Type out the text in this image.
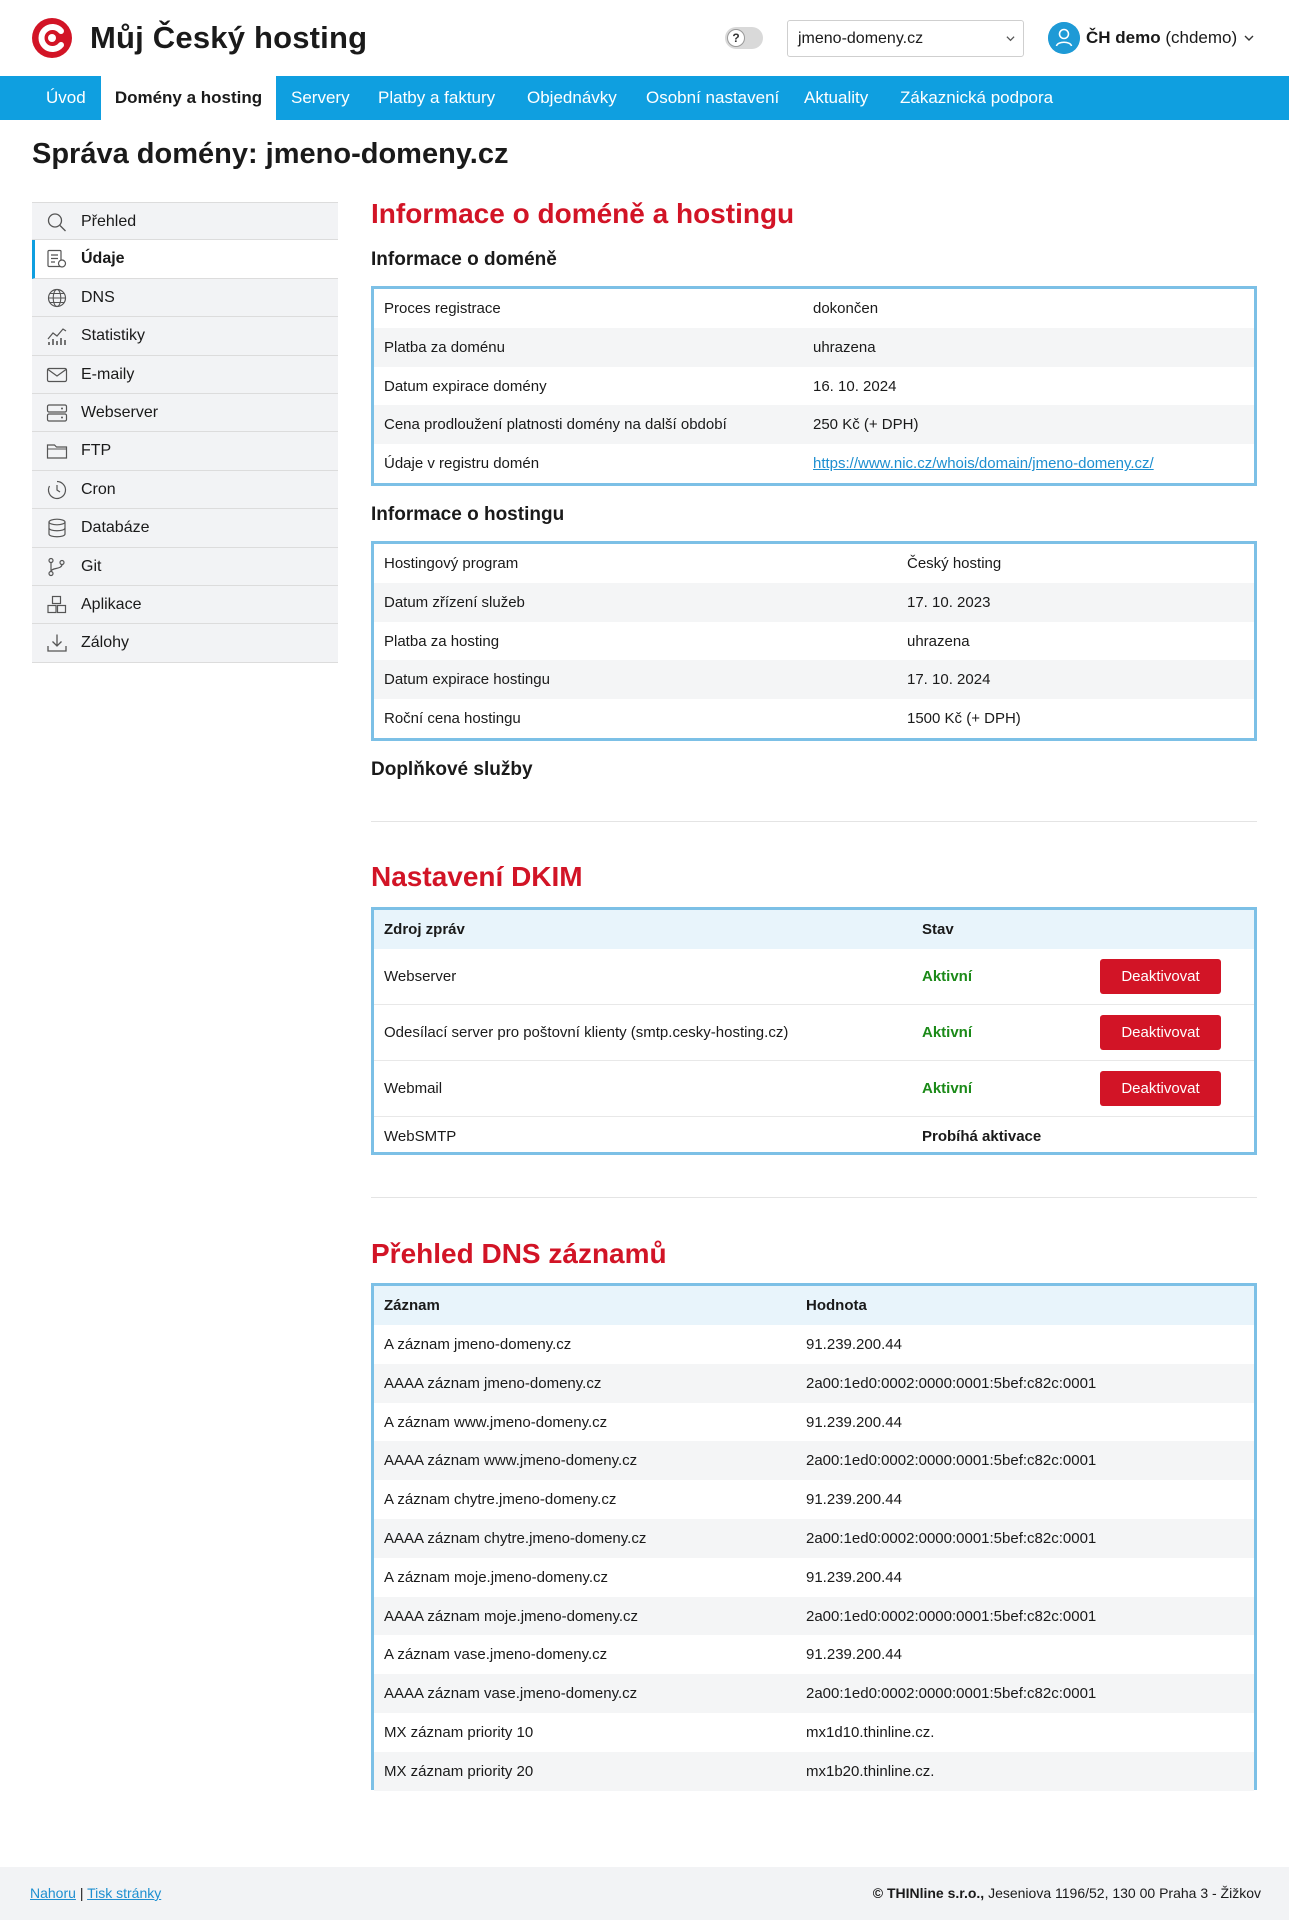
Můj Český hosting	?	jmeno-domeny.cz	ČH demo (chdemo)
Úvod	Domény a hosting	Servery Platby a faktury Objednávky Osobní nastavení Aktuality Zákaznická podpora
Správa domény: jmeno-domeny.cz
Přehled
Údaje
DNS
Statistiky
E-maily
Webserver
FTP
Cron
Databáze
Git
Aplikace
Zálohy
Informace o doméně a hostingu
Informace o doméně
Proces registrace	dokončen
Platba za doménu	uhrazena
Datum expirace domény	16. 10. 2024
Cena prodloužení platnosti domény na další období	250 Kč (+ DPH)
Údaje v registru domén	https://www.nic.cz/whois/domain/jmeno-domeny.cz/
Informace o hostingu
Hostingový program	Český hosting
Datum zřízení služeb	17. 10. 2023
Platba za hosting	uhrazena
Datum expirace hostingu	17. 10. 2024
Roční cena hostingu	1500 Kč (+ DPH)
Doplňkové služby
Nastavení DKIM
Zdroj zpráv	Stav
Webserver	Aktivní	Deaktivovat
Odesílací server pro poštovní klienty (smtp.cesky-hosting.cz)	Aktivní	Deaktivovat
Webmail	Aktivní	Deaktivovat
WebSMTP	Probíhá aktivace
Přehled DNS záznamů
Záznam	Hodnota
A záznam jmeno-domeny.cz	91.239.200.44
AAAA záznam jmeno-domeny.cz	2a00:1ed0:0002:0000:0001:5bef:c82c:0001
A záznam www.jmeno-domeny.cz	91.239.200.44
AAAA záznam www.jmeno-domeny.cz	2a00:1ed0:0002:0000:0001:5bef:c82c:0001
A záznam chytre.jmeno-domeny.cz	91.239.200.44
AAAA záznam chytre.jmeno-domeny.cz	2a00:1ed0:0002:0000:0001:5bef:c82c:0001
A záznam moje.jmeno-domeny.cz	91.239.200.44
AAAA záznam moje.jmeno-domeny.cz	2a00:1ed0:0002:0000:0001:5bef:c82c:0001
A záznam vase.jmeno-domeny.cz	91.239.200.44
AAAA záznam vase.jmeno-domeny.cz	2a00:1ed0:0002:0000:0001:5bef:c82c:0001
MX záznam priority 10	mx1d10.thinline.cz.
MX záznam priority 20	mx1b20.thinline.cz.
Nahoru | Tisk stránky	© THINline s.r.o., Jeseniova 1196/52, 130 00 Praha 3 - Žižkov
